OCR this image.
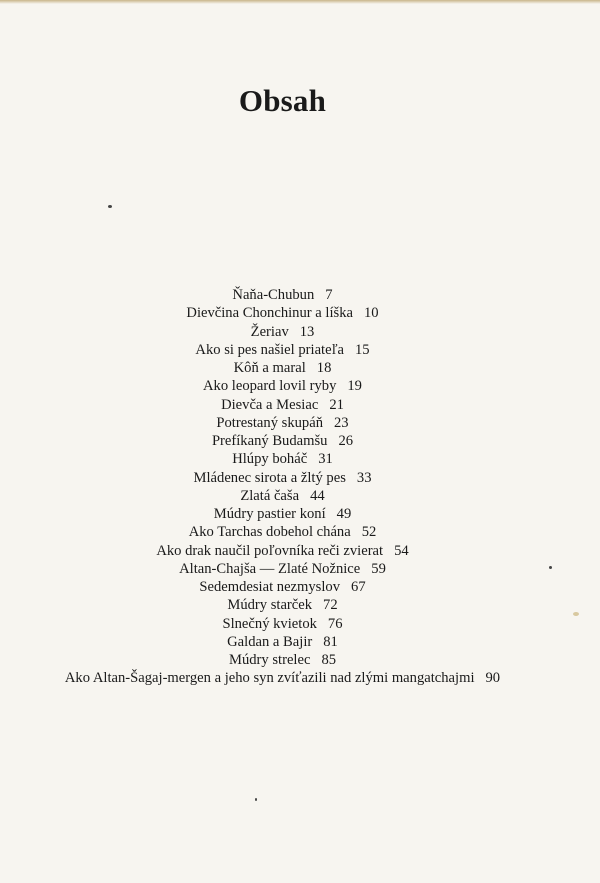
Obsah
Ňaňa-Chubun 7
Dievčina Chonchinur a líška 10
Žeriav 13
Ako si pes našiel priateľa 15
Kôň a maral 18
Ako leopard lovil ryby 19
Dievča a Mesiac 21
Potrestaný skupáň 23
Prefíkaný Budamšu 26
Hlúpy boháč 31
Mládenec sirota a žltý pes 33
Zlatá čaša 44
Múdry pastier koní 49
Ako Tarchas dobehol chána 52
Ako drak naučil poľovníka reči zvierat 54
Altan-Chajša — Zlaté Nožnice 59
Sedemdesiat nezmyslov 67
Múdry starček 72
Slnečný kvietok 76
Galdan a Bajir 81
Múdry strelec 85
Ako Altan-Šagaj-mergen a jeho syn zvíťazili nad zlými mangatchajmi 90
